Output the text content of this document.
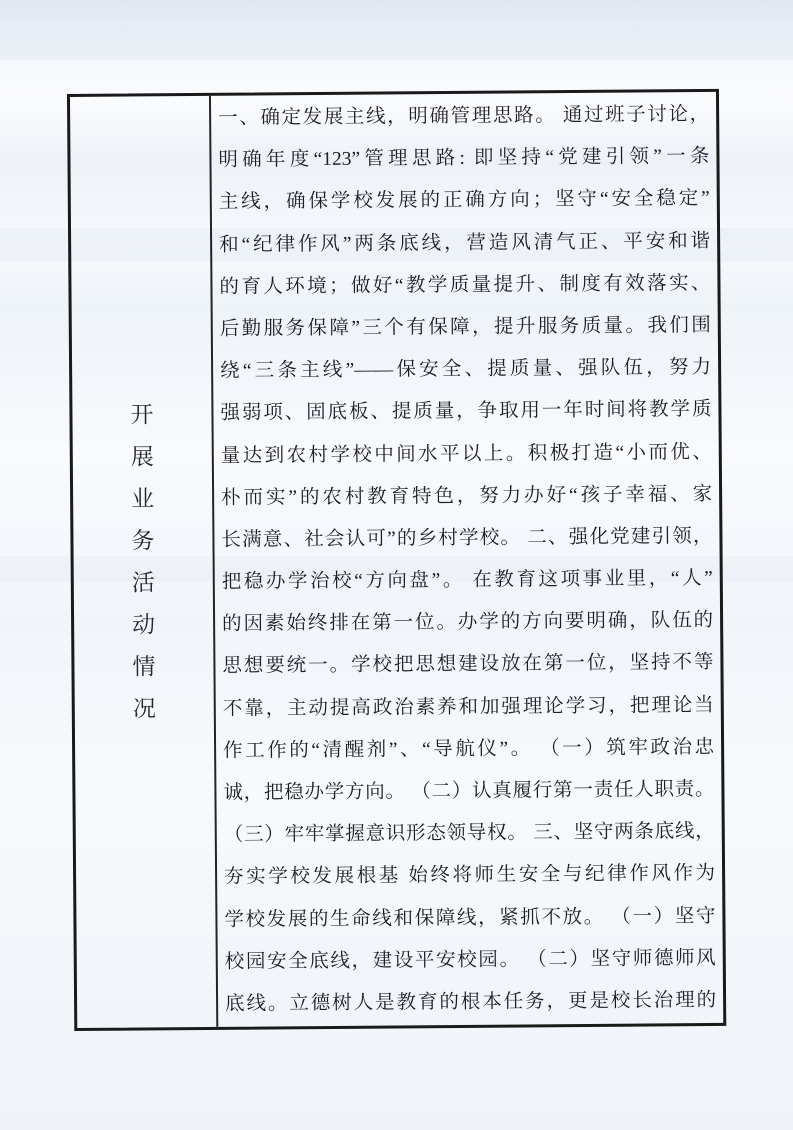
开
展
业
务
活
动
情
况
一、确定发展主线，明确管理思路。 通过班子讨论，
明确年度“123”管理思路: 即坚持“党建引领”一条
主线，确保学校发展的正确方向；坚守“安全稳定”
和“纪律作风”两条底线，营造风清气正、平安和谐
的育人环境；做好“教学质量提升、制度有效落实、
后勤服务保障”三个有保障，提升服务质量。我们围
绕“三条主线”——保安全、提质量、强队伍，努力
强弱项、固底板、提质量，争取用一年时间将教学质
量达到农村学校中间水平以上。积极打造“小而优、
朴而实”的农村教育特色，努力办好“孩子幸福、家
长满意、社会认可”的乡村学校。 二、强化党建引领，
把稳办学治校“方向盘”。 在教育这项事业里，“人”
的因素始终排在第一位。办学的方向要明确，队伍的
思想要统一。学校把思想建设放在第一位，坚持不等
不靠，主动提高政治素养和加强理论学习，把理论当
作工作的“清醒剂”、“导航仪”。 （一）筑牢政治忠
诚，把稳办学方向。 （二）认真履行第一责任人职责。
（三）牢牢掌握意识形态领导权。 三、坚守两条底线，
夯实学校发展根基 始终将师生安全与纪律作风作为
学校发展的生命线和保障线，紧抓不放。 （一）坚守
校园安全底线，建设平安校园。 （二）坚守师德师风
底线。立德树人是教育的根本任务，更是校长治理的
